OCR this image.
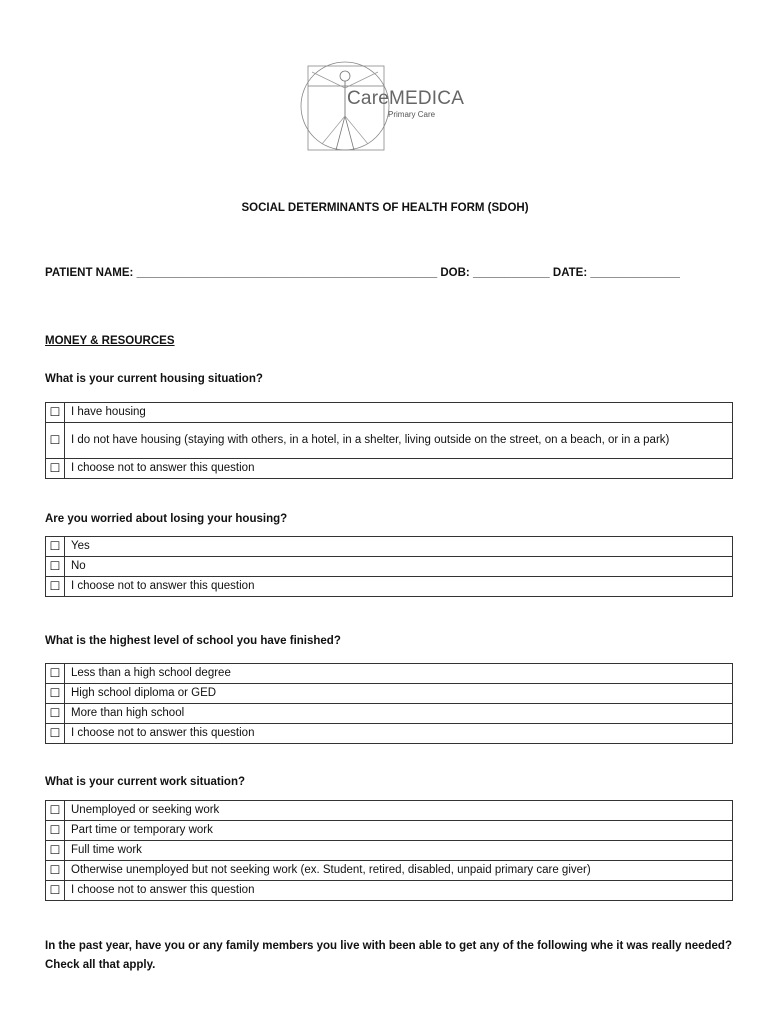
CareMEDICA
Primary Care
SOCIAL DETERMINANTS OF HEALTH FORM (SDOH)
PATIENT NAME: _______________________________________________ DOB: ____________ DATE: ______________
MONEY & RESOURCES
What is your current housing situation?
☐	I have housing
☐	I do not have housing (staying with others, in a hotel, in a shelter, living outside on the street, on a beach, or in a park)
☐	I choose not to answer this question
Are you worried about losing your housing?
☐	Yes
☐	No
☐	I choose not to answer this question
What is the highest level of school you have finished?
☐	Less than a high school degree
☐	High school diploma or GED
☐	More than high school
☐	I choose not to answer this question
What is your current work situation?
☐	Unemployed or seeking work
☐	Part time or temporary work
☐	Full time work
☐	Otherwise unemployed but not seeking work (ex. Student, retired, disabled, unpaid primary care giver)
☐	I choose not to answer this question
In the past year, have you or any family members you live with been able to get any of the following whe it was really needed? Check all that apply.
